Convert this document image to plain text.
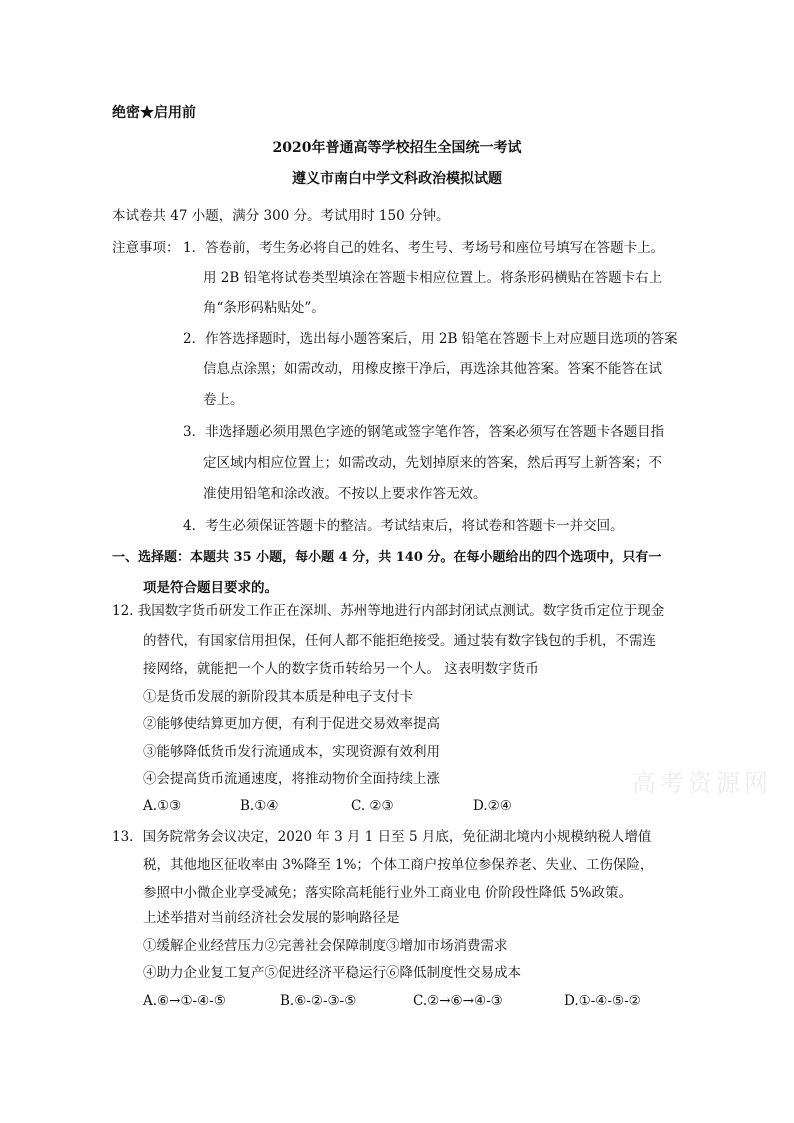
绝密★启用前
2020年普通高等学校招生全国统一考试
遵义市南白中学文科政治模拟试题
本试卷共 47 小题，满分 300 分。考试用时 150 分钟。
注意事项： 1．答卷前，考生务必将自己的姓名、考生号、考场号和座位号填写在答题卡上。
用 2B 铅笔将试卷类型填涂在答题卡相应位置上。将条形码横贴在答题卡右上
角“条形码粘贴处”。
2．作答选择题时，选出每小题答案后，用 2B 铅笔在答题卡上对应题目选项的答案
信息点涂黑；如需改动，用橡皮擦干净后，再选涂其他答案。答案不能答在试
卷上。
3．非选择题必须用黑色字迹的钢笔或签字笔作答，答案必须写在答题卡各题目指
定区域内相应位置上；如需改动，先划掉原来的答案，然后再写上新答案；不
准使用铅笔和涂改液。不按以上要求作答无效。
4．考生必须保证答题卡的整洁。考试结束后，将试卷和答题卡一并交回。
一、选择题：本题共 35 小题，每小题 4 分，共 140 分。在每小题给出的四个选项中，只有一
项是符合题目要求的。
12. 我国数字货币研发工作正在深圳、苏州等地进行内部封闭试点测试。数字货币定位于现金
的替代，有国家信用担保，任何人都不能拒绝接受。通过装有数字钱包的手机，不需连
接网络，就能把一个人的数字货币转给另一个人。 这表明数字货币
①是货币发展的新阶段其本质是种电子支付卡
②能够使结算更加方便，有利于促进交易效率提高
③能够降低货币发行流通成本，实现资源有效利用
④会提高货币流通速度，将推动物价全面持续上涨
A.①③	B.①④	C. ②③	D.②④
高考资源网
13．国务院常务会议决定，2020 年 3 月 1 日至 5 月底，免征湖北境内小规模纳税人增值
税，其他地区征收率由 3%降至 1%；个体工商户按单位参保养老、失业、工伤保险，
参照中小微企业享受减免；落实除高耗能行业外工商业电 价阶段性降低 5%政策。
上述举措对当前经济社会发展的影响路径是
①缓解企业经营压力②完善社会保障制度③增加市场消费需求
④助力企业复工复产⑤促进经济平稳运行⑥降低制度性交易成本
A.⑥→①-④-⑤	B.⑥-②-③-⑤	C.②→⑥→④-③	D.①-④-⑤-②
